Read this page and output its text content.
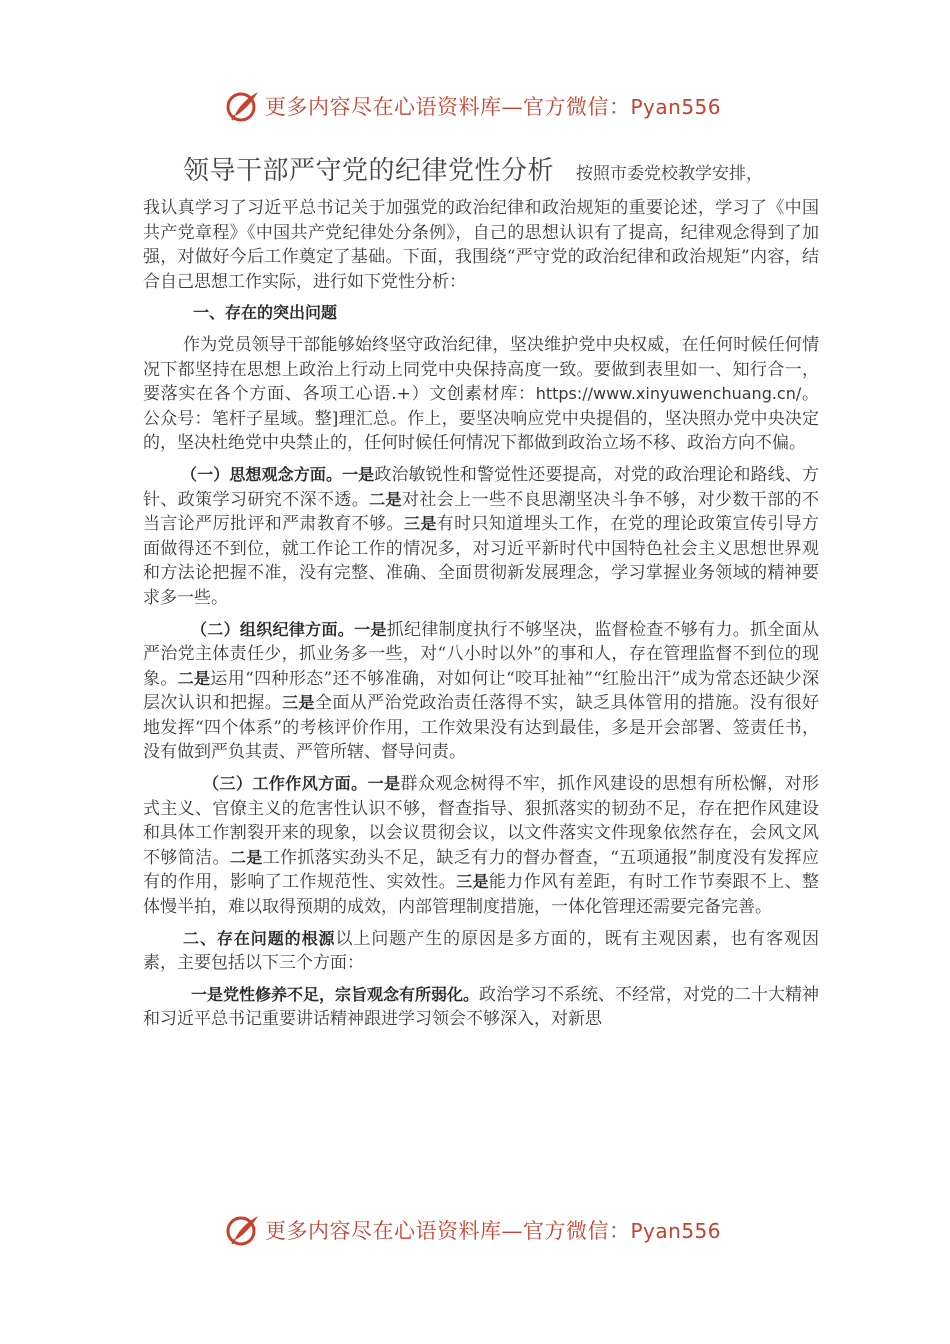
更多内容尽在心语资料库—官方微信：Pyan556
领导干部严守党的纪律党性分析 按照市委党校教学安排，

我认真学习了习近平总书记关于加强党的政治纪律和政治规矩的重要论述，学习了《中国共产党章程》《中国共产党纪律处分条例》，自己的思想认识有了提高，纪律观念得到了加强，对做好今后工作奠定了基础。下面，我围绕“严守党的政治纪律和政治规矩”内容，结合自己思想工作实际，进行如下党性分析：

一、存在的突出问题

作为党员领导干部能够始终坚守政治纪律，坚决维护党中央权威，在任何时候任何情况下都坚持在思想上政治上行动上同党中央保持高度一致。要做到表里如一、知行合一，要落实在各个方面、各项工心语.+）文创素材库：https://www.xinyuwenchuang.cn/。公众号：笔杆子星域。整]理汇总。作上，要坚决响应党中央提倡的，坚决照办党中央决定的，坚决杜绝党中央禁止的，任何时候任何情况下都做到政治立场不移、政治方向不偏。

（一）思想观念方面。一是政治敏锐性和警觉性还要提高，对党的政治理论和路线、方针、政策学习研究不深不透。二是对社会上一些不良思潮坚决斗争不够，对少数干部的不当言论严厉批评和严肃教育不够。三是有时只知道埋头工作，在党的理论政策宣传引导方面做得还不到位，就工作论工作的情况多，对习近平新时代中国特色社会主义思想世界观和方法论把握不准，没有完整、准确、全面贯彻新发展理念，学习掌握业务领域的精神要求多一些。

（二）组织纪律方面。一是抓纪律制度执行不够坚决，监督检查不够有力。抓全面从严治党主体责任少，抓业务多一些，对“八小时以外”的事和人，存在管理监督不到位的现象。二是运用“四种形态”还不够准确，对如何让“咬耳扯袖”“红脸出汗”成为常态还缺少深层次认识和把握。三是全面从严治党政治责任落得不实，缺乏具体管用的措施。没有很好地发挥“四个体系”的考核评价作用，工作效果没有达到最佳，多是开会部署、签责任书，没有做到严负其责、严管所辖、督导问责。

（三）工作作风方面。一是群众观念树得不牢，抓作风建设的思想有所松懈，对形式主义、官僚主义的危害性认识不够，督查指导、狠抓落实的韧劲不足，存在把作风建设和具体工作割裂开来的现象，以会议贯彻会议，以文件落实文件现象依然存在，会风文风不够简洁。二是工作抓落实劲头不足，缺乏有力的督办督查，“五项通报”制度没有发挥应有的作用，影响了工作规范性、实效性。三是能力作风有差距，有时工作节奏跟不上、整体慢半拍，难以取得预期的成效，内部管理制度措施，一体化管理还需要完备完善。

二、存在问题的根源以上问题产生的原因是多方面的，既有主观因素，也有客观因素，主要包括以下三个方面：

一是党性修养不足，宗旨观念有所弱化。政治学习不系统、不经常，对党的二十大精神和习近平总书记重要讲话精神跟进学习领会不够深入，对新思

更多内容尽在心语资料库—官方微信：Pyan556
